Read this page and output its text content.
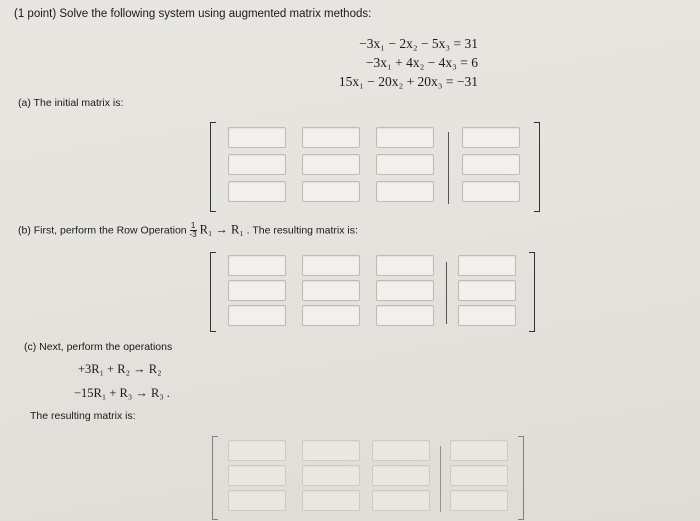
(1 point) Solve the following system using augmented matrix methods:
−3x₁ − 2x₂ − 5x₃ = 31
−3x₁ + 4x₂ − 4x₃ = 6
15x₁ − 20x₂ + 20x₃ = −31
(a) The initial matrix is:
(b) First, perform the Row Operation $\frac{1}{-3} R_1 \to R_1$ . The resulting matrix is:
(c) Next, perform the operations
+3R₁ + R₂ → R₂
−15R₁ + R₃ → R₃ .
The resulting matrix is:
